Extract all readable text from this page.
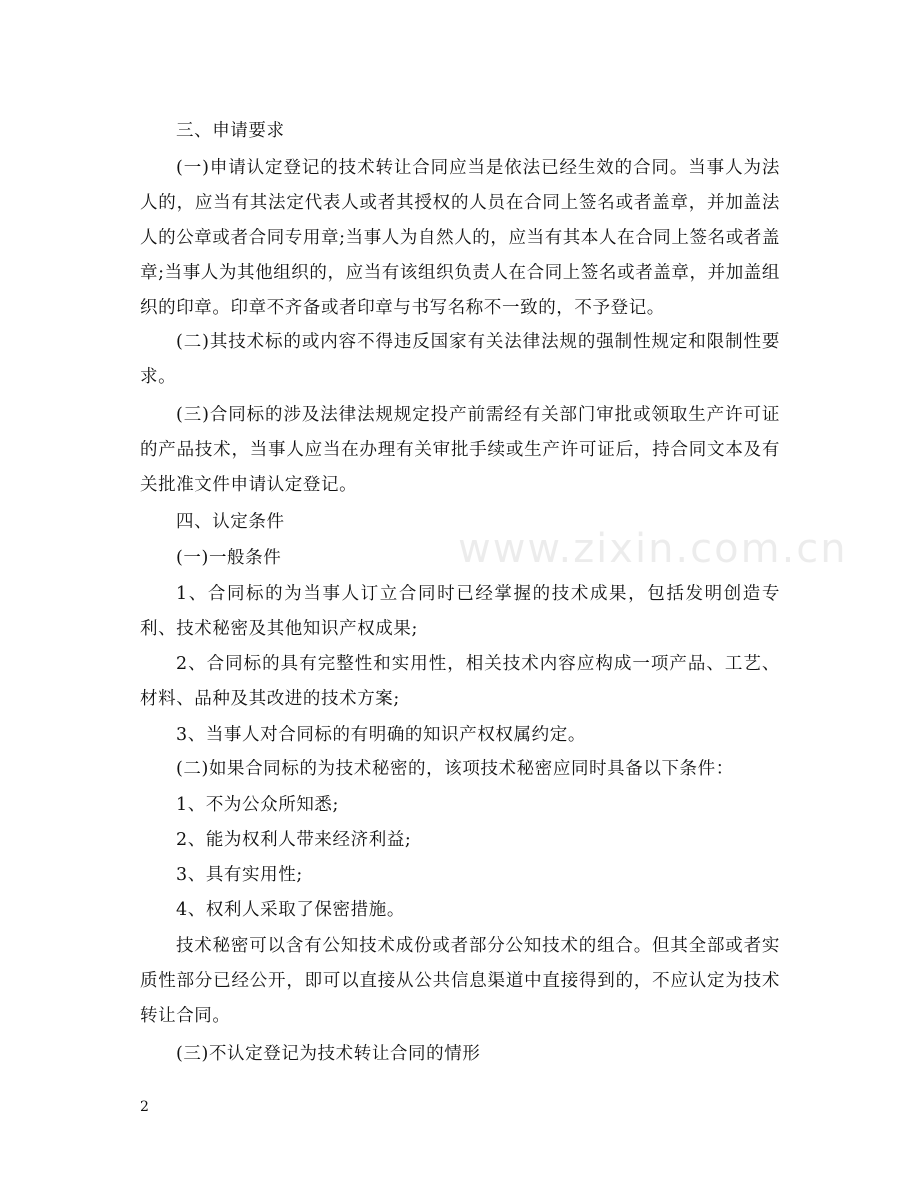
www.zixin.com.cn

三、申请要求

(一)申请认定登记的技术转让合同应当是依法已经生效的合同。当事人为法人的，应当有其法定代表人或者其授权的人员在合同上签名或者盖章，并加盖法人的公章或者合同专用章;当事人为自然人的，应当有其本人在合同上签名或者盖章;当事人为其他组织的，应当有该组织负责人在合同上签名或者盖章，并加盖组织的印章。印章不齐备或者印章与书写名称不一致的，不予登记。

(二)其技术标的或内容不得违反国家有关法律法规的强制性规定和限制性要求。

(三)合同标的涉及法律法规规定投产前需经有关部门审批或领取生产许可证的产品技术，当事人应当在办理有关审批手续或生产许可证后，持合同文本及有关批准文件申请认定登记。

四、认定条件

(一)一般条件

1、合同标的为当事人订立合同时已经掌握的技术成果，包括发明创造专利、技术秘密及其他知识产权成果;

2、合同标的具有完整性和实用性，相关技术内容应构成一项产品、工艺、材料、品种及其改进的技术方案;

3、当事人对合同标的有明确的知识产权权属约定。

(二)如果合同标的为技术秘密的，该项技术秘密应同时具备以下条件：

1、不为公众所知悉;

2、能为权利人带来经济利益;

3、具有实用性;

4、权利人采取了保密措施。

技术秘密可以含有公知技术成份或者部分公知技术的组合。但其全部或者实质性部分已经公开，即可以直接从公共信息渠道中直接得到的，不应认定为技术转让合同。

(三)不认定登记为技术转让合同的情形

2
